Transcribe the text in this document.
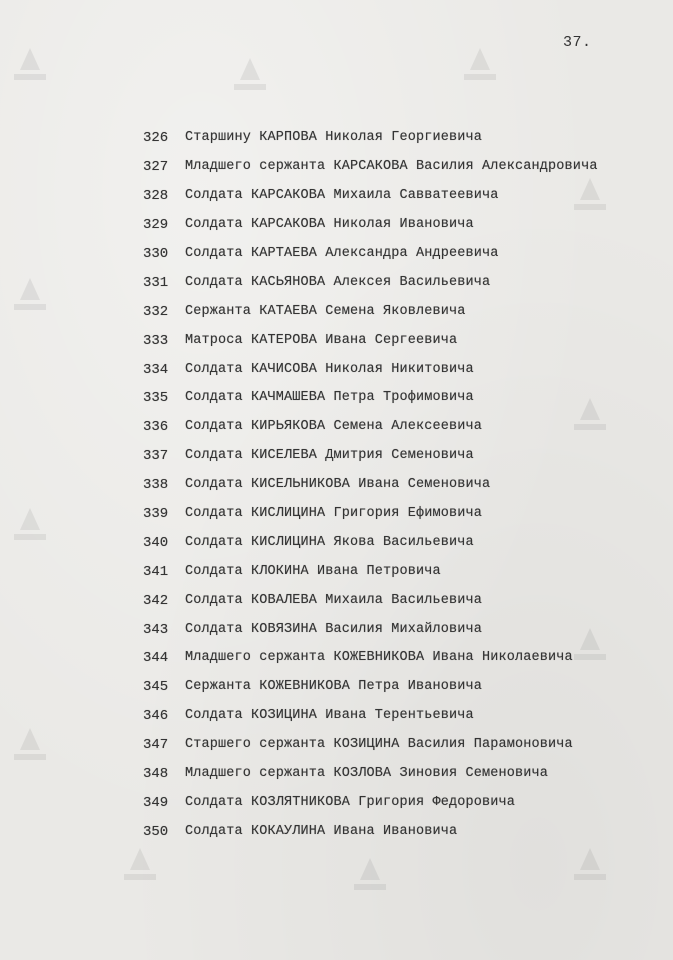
37.
326	Старшину КАРПОВА Николая Георгиевича
327	Младшего сержанта КАРСАКОВА Василия Александровича
328	Солдата КАРСАКОВА Михаила Савватеевича
329	Солдата КАРСАКОВА Николая Ивановича
330	Солдата КАРТАЕВА Александра Андреевича
331	Солдата КАСЬЯНОВА Алексея Васильевича
332	Сержанта КАТАЕВА Семена Яковлевича
333	Матроса КАТЕРОВА Ивана Сергеевича
334	Солдата КАЧИСОВА Николая Никитовича
335	Солдата КАЧМАШЕВА Петра Трофимовича
336	Солдата КИРЬЯКОВА Семена Алексеевича
337	Солдата КИСЕЛЕВА Дмитрия Семеновича
338	Солдата КИСЕЛЬНИКОВА Ивана Семеновича
339	Солдата КИСЛИЦИНА Григория Ефимовича
340	Солдата КИСЛИЦИНА Якова Васильевича
341	Солдата КЛОКИНА Ивана Петровича
342	Солдата КОВАЛЕВА Михаила Васильевича
343	Солдата КОВЯЗИНА Василия Михайловича
344	Младшего сержанта КОЖЕВНИКОВА Ивана Николаевича
345	Сержанта КОЖЕВНИКОВА Петра Ивановича
346	Солдата КОЗИЦИНА Ивана Терентьевича
347	Старшего сержанта КОЗИЦИНА Василия Парамоновича
348	Младшего сержанта КОЗЛОВА Зиновия Семеновича
349	Солдата КОЗЛЯТНИКОВА Григория Федоровича
350	Солдата КОКАУЛИНА Ивана Ивановича
